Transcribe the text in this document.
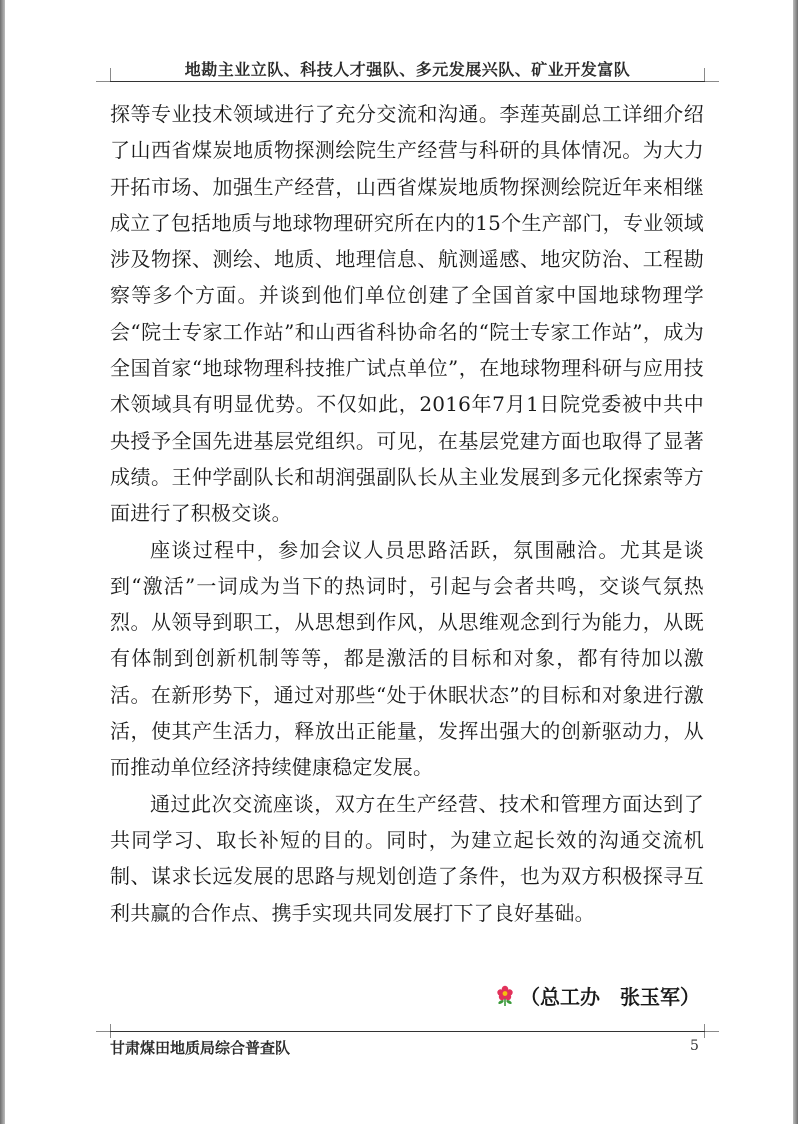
地勘主业立队、科技人才强队、多元发展兴队、矿业开发富队

探等专业技术领域进行了充分交流和沟通。李莲英副总工详细介绍了山西省煤炭地质物探测绘院生产经营与科研的具体情况。为大力开拓市场、加强生产经营，山西省煤炭地质物探测绘院近年来相继成立了包括地质与地球物理研究所在内的15个生产部门，专业领域涉及物探、测绘、地质、地理信息、航测遥感、地灾防治、工程勘察等多个方面。并谈到他们单位创建了全国首家中国地球物理学会“院士专家工作站”和山西省科协命名的“院士专家工作站”，成为全国首家“地球物理科技推广试点单位”，在地球物理科研与应用技术领域具有明显优势。不仅如此，2016年7月1日院党委被中共中央授予全国先进基层党组织。可见，在基层党建方面也取得了显著成绩。王仲学副队长和胡润强副队长从主业发展到多元化探索等方面进行了积极交谈。

座谈过程中，参加会议人员思路活跃，氛围融洽。尤其是谈到“激活”一词成为当下的热词时，引起与会者共鸣，交谈气氛热烈。从领导到职工，从思想到作风，从思维观念到行为能力，从既有体制到创新机制等等，都是激活的目标和对象，都有待加以激活。在新形势下，通过对那些“处于休眠状态”的目标和对象进行激活，使其产生活力，释放出正能量，发挥出强大的创新驱动力，从而推动单位经济持续健康稳定发展。

通过此次交流座谈，双方在生产经营、技术和管理方面达到了共同学习、取长补短的目的。同时，为建立起长效的沟通交流机制、谋求长远发展的思路与规划创造了条件，也为双方积极探寻互利共赢的合作点、携手实现共同发展打下了良好基础。

（总工办　张玉军）
甘肃煤田地质局综合普查队	5
